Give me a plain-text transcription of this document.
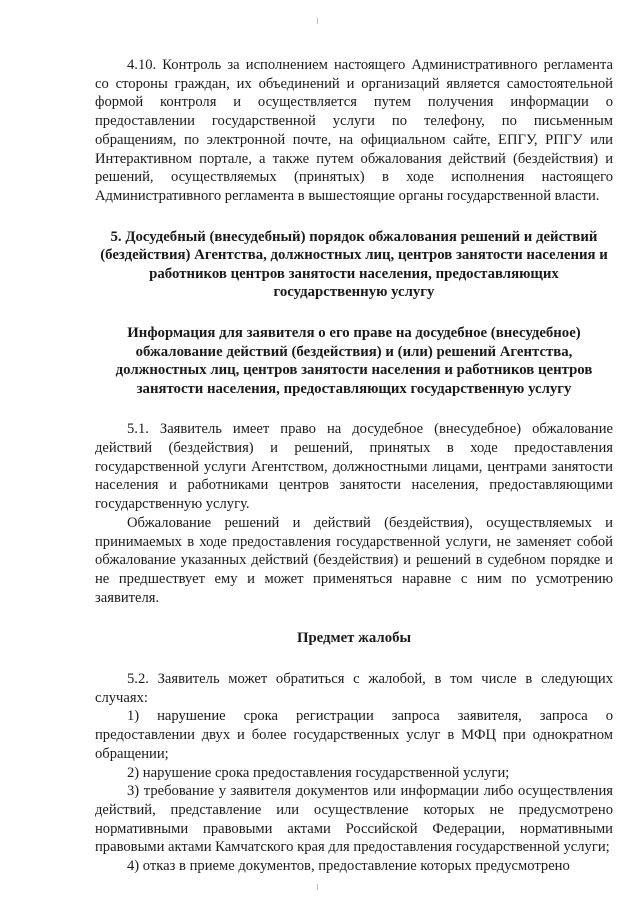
4.10. Контроль за исполнением настоящего Административного регламента со стороны граждан, их объединений и организаций является самостоятельной формой контроля и осуществляется путем получения информации о предоставлении государственной услуги по телефону, по письменным обращениям, по электронной почте, на официальном сайте, ЕПГУ, РПГУ или Интерактивном портале, а также путем обжалования действий (бездействия) и решений, осуществляемых (принятых) в ходе исполнения настоящего Административного регламента в вышестоящие органы государственной власти.

5. Досудебный (внесудебный) порядок обжалования решений и действий (бездействия) Агентства, должностных лиц, центров занятости населения и работников центров занятости населения, предоставляющих государственную услугу

Информация для заявителя о его праве на досудебное (внесудебное) обжалование действий (бездействия) и (или) решений Агентства, должностных лиц, центров занятости населения и работников центров занятости населения, предоставляющих государственную услугу

5.1. Заявитель имеет право на досудебное (внесудебное) обжалование действий (бездействия) и решений, принятых в ходе предоставления государственной услуги Агентством, должностными лицами, центрами занятости населения и работниками центров занятости населения, предоставляющими государственную услугу.

Обжалование решений и действий (бездействия), осуществляемых и принимаемых в ходе предоставления государственной услуги, не заменяет собой обжалование указанных действий (бездействия) и решений в судебном порядке и не предшествует ему и может применяться наравне с ним по усмотрению заявителя.

Предмет жалобы

5.2. Заявитель может обратиться с жалобой, в том числе в следующих случаях:

1) нарушение срока регистрации запроса заявителя, запроса о предоставлении двух и более государственных услуг в МФЦ при однократном обращении;

2) нарушение срока предоставления государственной услуги;

3) требование у заявителя документов или информации либо осуществления действий, представление или осуществление которых не предусмотрено нормативными правовыми актами Российской Федерации, нормативными правовыми актами Камчатского края для предоставления государственной услуги;

4) отказ в приеме документов, предоставление которых предусмотрено
